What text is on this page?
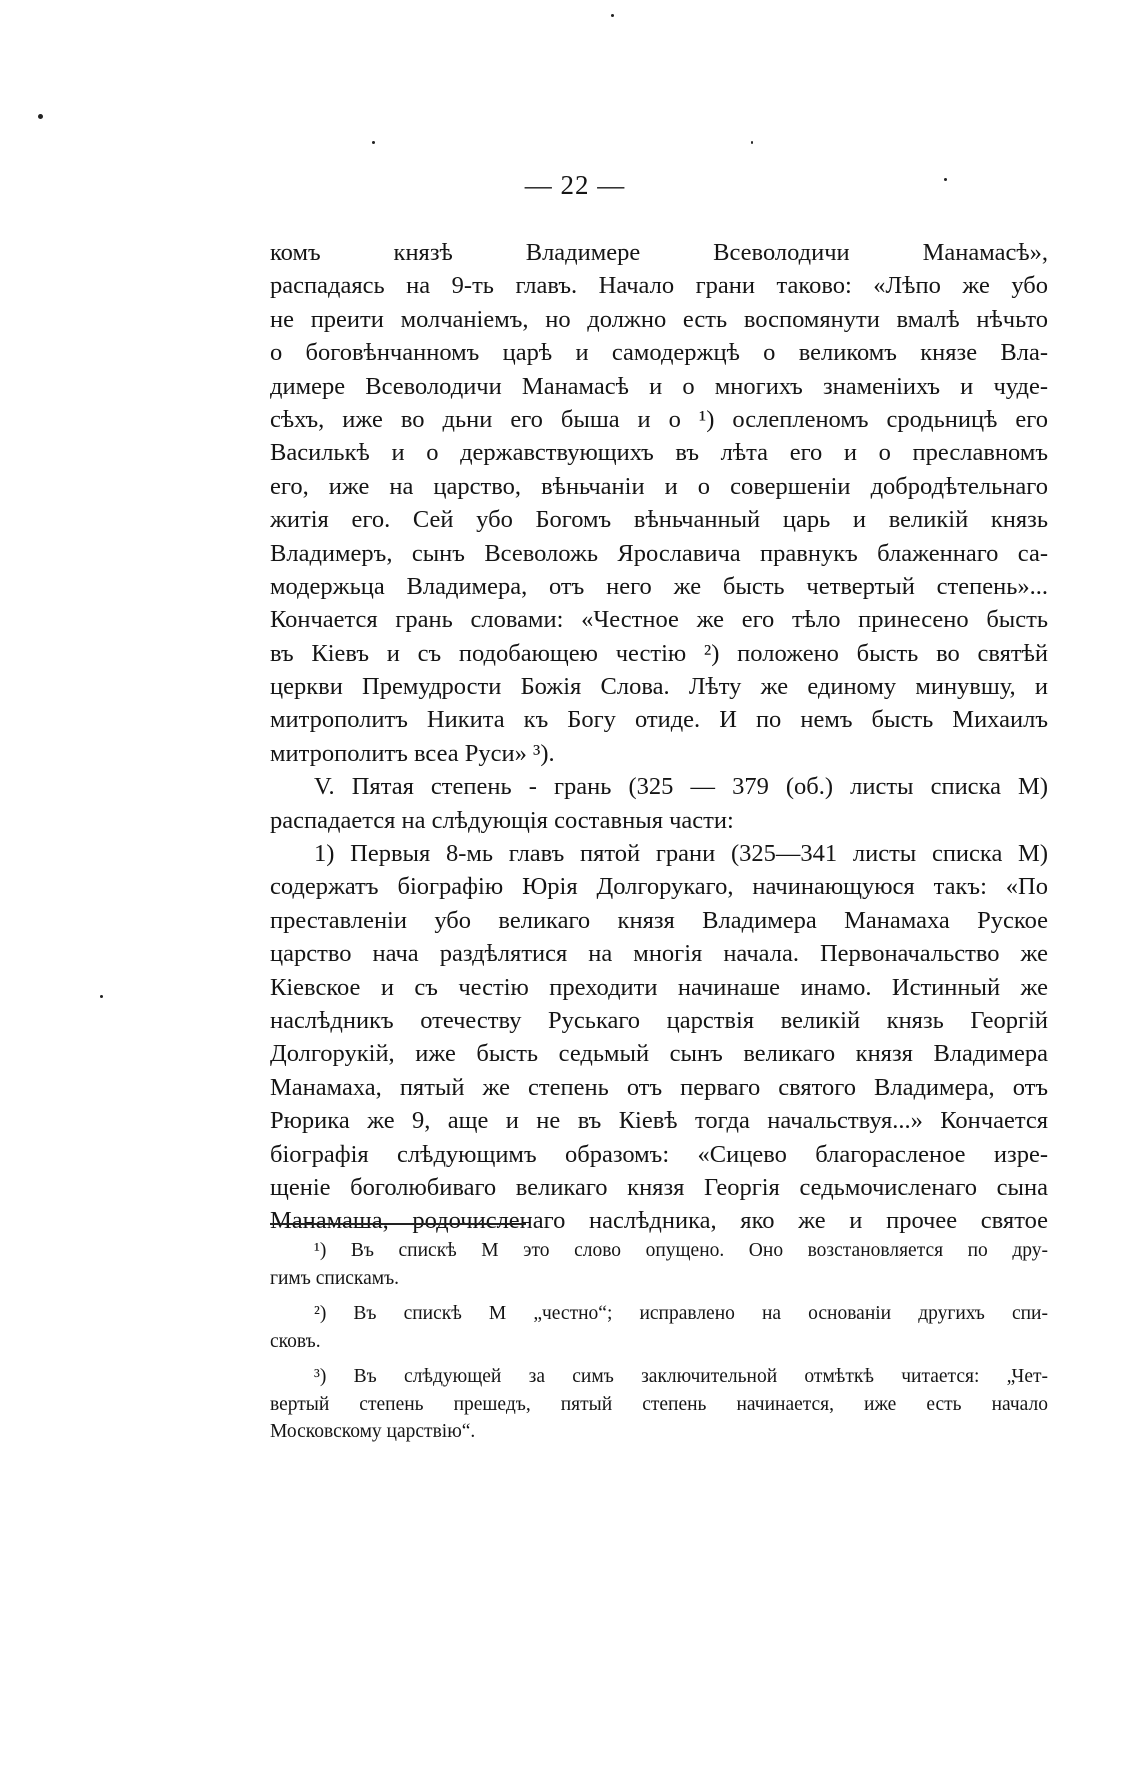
— 22 —
комъ князѣ Владимере Всеволодичи Манамасѣ»,
распадаясь на 9-ть главъ. Начало грани таково: «Лѣпо же убо
не преити молчаніемъ, но должно есть воспомянути вмалѣ нѣчьто
о боговѣнчанномъ царѣ и самодержцѣ о великомъ князе Вла-
димере Всеволодичи Манамасѣ и о многихъ знаменіихъ и чуде-
сѣхъ, иже во дьни его быша и о ¹) ослепленомъ сродьницѣ его
Василькѣ и о державствующихъ въ лѣта его и о преславномъ
его, иже на царство, вѣньчаніи и о совершеніи добродѣтельнаго
житія его. Сей убо Богомъ вѣньчанный царь и великій князь
Владимеръ, сынъ Всеволожь Ярославича правнукъ блаженнаго са-
модержьца Владимера, отъ него же бысть четвертый степень»...
Кончается грань словами: «Честное же его тѣло принесено бысть
въ Кіевъ и съ подобающею честію ²) положено бысть во святѣй
церкви Премудрости Божія Слова. Лѣту же единому минувшу, и
митрополитъ Никита къ Богу отиде. И по немъ бысть Михаилъ
митрополитъ всеа Руси» ³).
V. Пятая степень - грань (325 — 379 (об.) листы списка М)
распадается на слѣдующія составныя части:
1) Первыя 8-мь главъ пятой грани (325—341 листы списка М)
содержатъ біографію Юрія Долгорукаго, начинающуюся такъ: «По
преставленіи убо великаго князя Владимера Манамаха Руское
царство нача раздѣлятися на многія начала. Первоначальство же
Кіевское и съ честію преходити начинаше инамо. Истинный же
наслѣдникъ отечеству Руськаго царствія великій князь Георгій
Долгорукій, иже бысть седьмый сынъ великаго князя Владимера
Манамаха, пятый же степень отъ перваго святого Владимера, отъ
Рюрика же 9, аще и не въ Кіевѣ тогда начальствуя...» Кончается
біографія слѣдующимъ образомъ: «Сицево благорасленое изре-
щеніе боголюбиваго великаго князя Георгія седьмочисленаго сына
Манамаша, родочисленаго наслѣдника, яко же и прочее святое
¹) Въ спискѣ М это слово опущено. Оно возстановляется по дру-
гимъ спискамъ.
²) Въ спискѣ М „честно“; исправлено на основаніи другихъ спи-
сковъ.
³) Въ слѣдующей за симъ заключительной отмѣткѣ читается: „Чет-
вертый степень прешедъ, пятый степень начинается, иже есть начало
Московскому царствію“.
